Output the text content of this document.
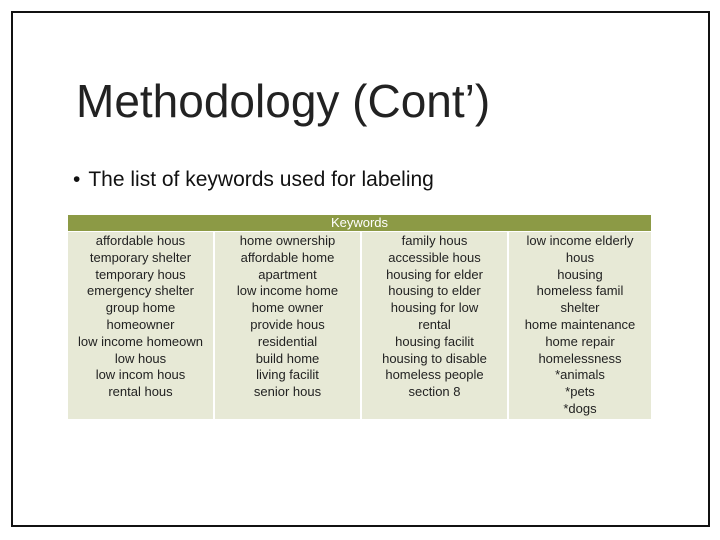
Methodology (Cont’)
• The list of keywords used for labeling
Keywords
affordable hous
temporary shelter
temporary hous
emergency shelter
group home
homeowner
low income homeown
low hous
low incom hous
rental hous
home ownership
affordable home
apartment
low income home
home owner
provide hous
residential
build home
living facilit
senior hous
family hous
accessible hous
housing for elder
housing to elder
housing for low
rental
housing facilit
housing to disable
homeless people
section 8
low income elderly
hous
housing
homeless famil
shelter
home maintenance
home repair
homelessness
*animals
*pets
*dogs
